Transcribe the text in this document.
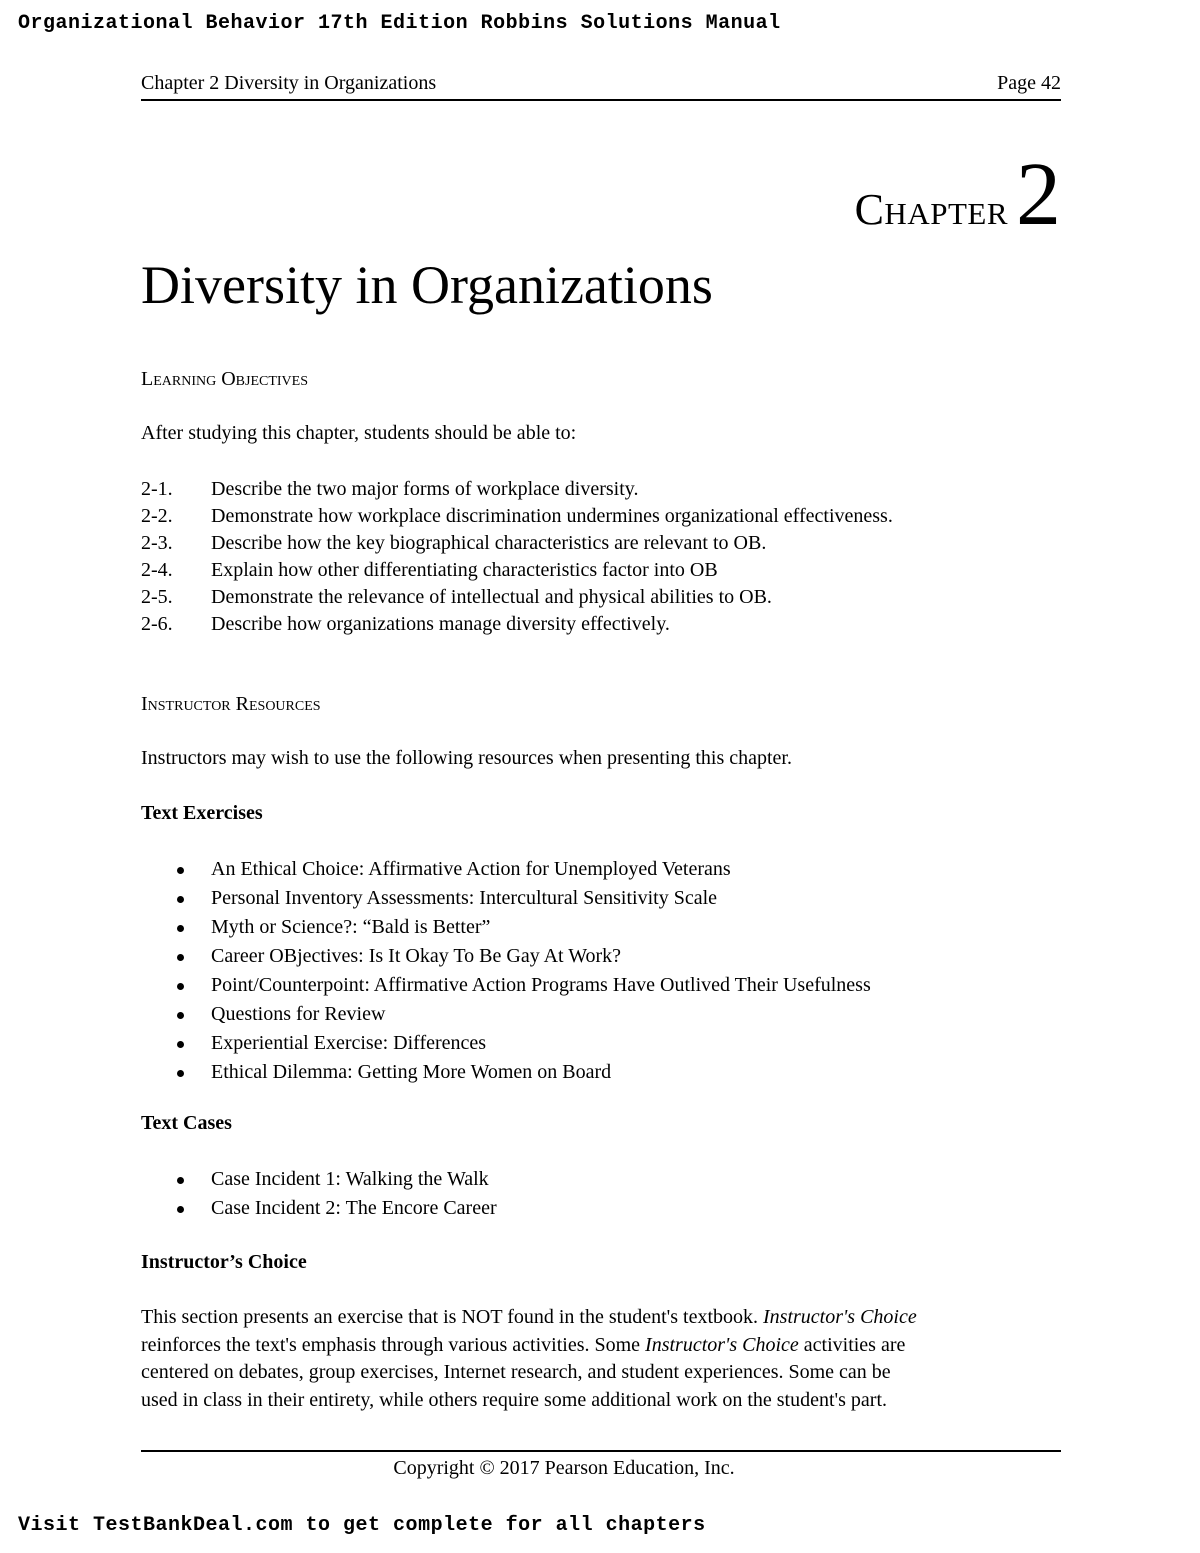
Organizational Behavior 17th Edition Robbins Solutions Manual
Chapter 2 Diversity in Organizations	Page 42
Chapter2
Diversity in Organizations
Learning Objectives
After studying this chapter, students should be able to:
2-1. Describe the two major forms of workplace diversity.
2-2. Demonstrate how workplace discrimination undermines organizational effectiveness.
2-3. Describe how the key biographical characteristics are relevant to OB.
2-4. Explain how other differentiating characteristics factor into OB
2-5. Demonstrate the relevance of intellectual and physical abilities to OB.
2-6. Describe how organizations manage diversity effectively.
Instructor Resources
Instructors may wish to use the following resources when presenting this chapter.
Text Exercises
An Ethical Choice: Affirmative Action for Unemployed Veterans
Personal Inventory Assessments: Intercultural Sensitivity Scale
Myth or Science?: “Bald is Better”
Career OBjectives: Is It Okay To Be Gay At Work?
Point/Counterpoint: Affirmative Action Programs Have Outlived Their Usefulness
Questions for Review
Experiential Exercise: Differences
Ethical Dilemma: Getting More Women on Board
Text Cases
Case Incident 1: Walking the Walk
Case Incident 2: The Encore Career
Instructor’s Choice
This section presents an exercise that is NOT found in the student's textbook. Instructor's Choice
reinforces the text's emphasis through various activities. Some Instructor's Choice activities are
centered on debates, group exercises, Internet research, and student experiences. Some can be
used in class in their entirety, while others require some additional work on the student's part.
Copyright © 2017 Pearson Education, Inc.
Visit TestBankDeal.com to get complete for all chapters
